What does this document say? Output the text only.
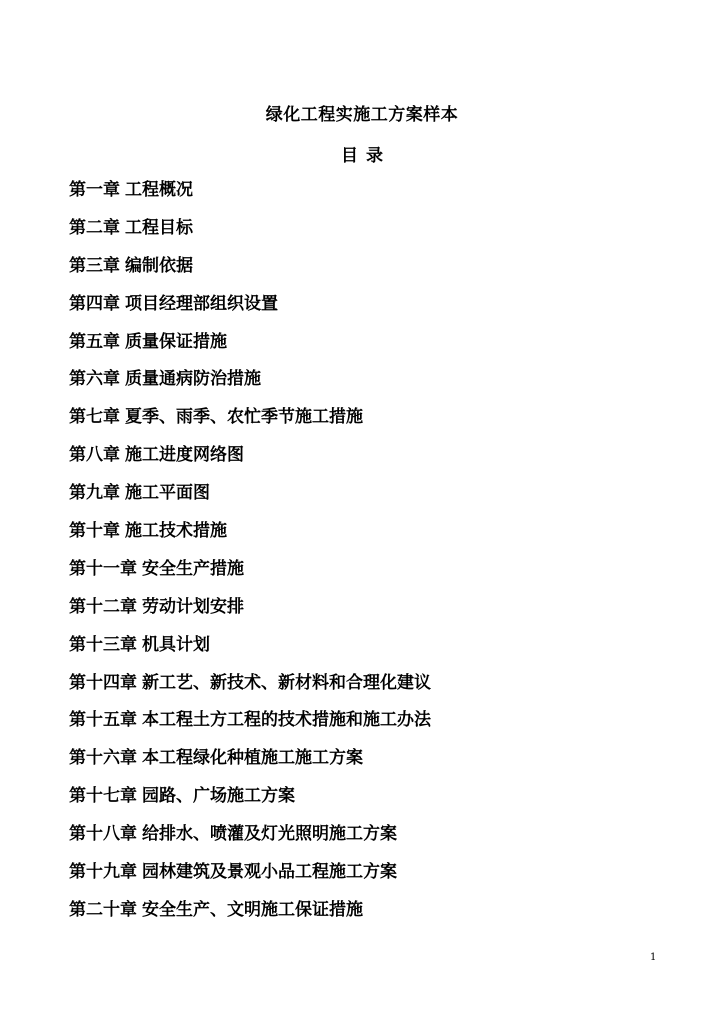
绿化工程实施工方案样本
目 录
第一章 工程概况
第二章 工程目标
第三章 编制依据
第四章 项目经理部组织设置
第五章 质量保证措施
第六章 质量通病防治措施
第七章 夏季、雨季、农忙季节施工措施
第八章 施工进度网络图
第九章 施工平面图
第十章 施工技术措施
第十一章 安全生产措施
第十二章 劳动计划安排
第十三章 机具计划
第十四章 新工艺、新技术、新材料和合理化建议
第十五章 本工程土方工程的技术措施和施工办法
第十六章 本工程绿化种植施工施工方案
第十七章 园路、广场施工方案
第十八章 给排水、喷灌及灯光照明施工方案
第十九章 园林建筑及景观小品工程施工方案
第二十章 安全生产、文明施工保证措施
1
